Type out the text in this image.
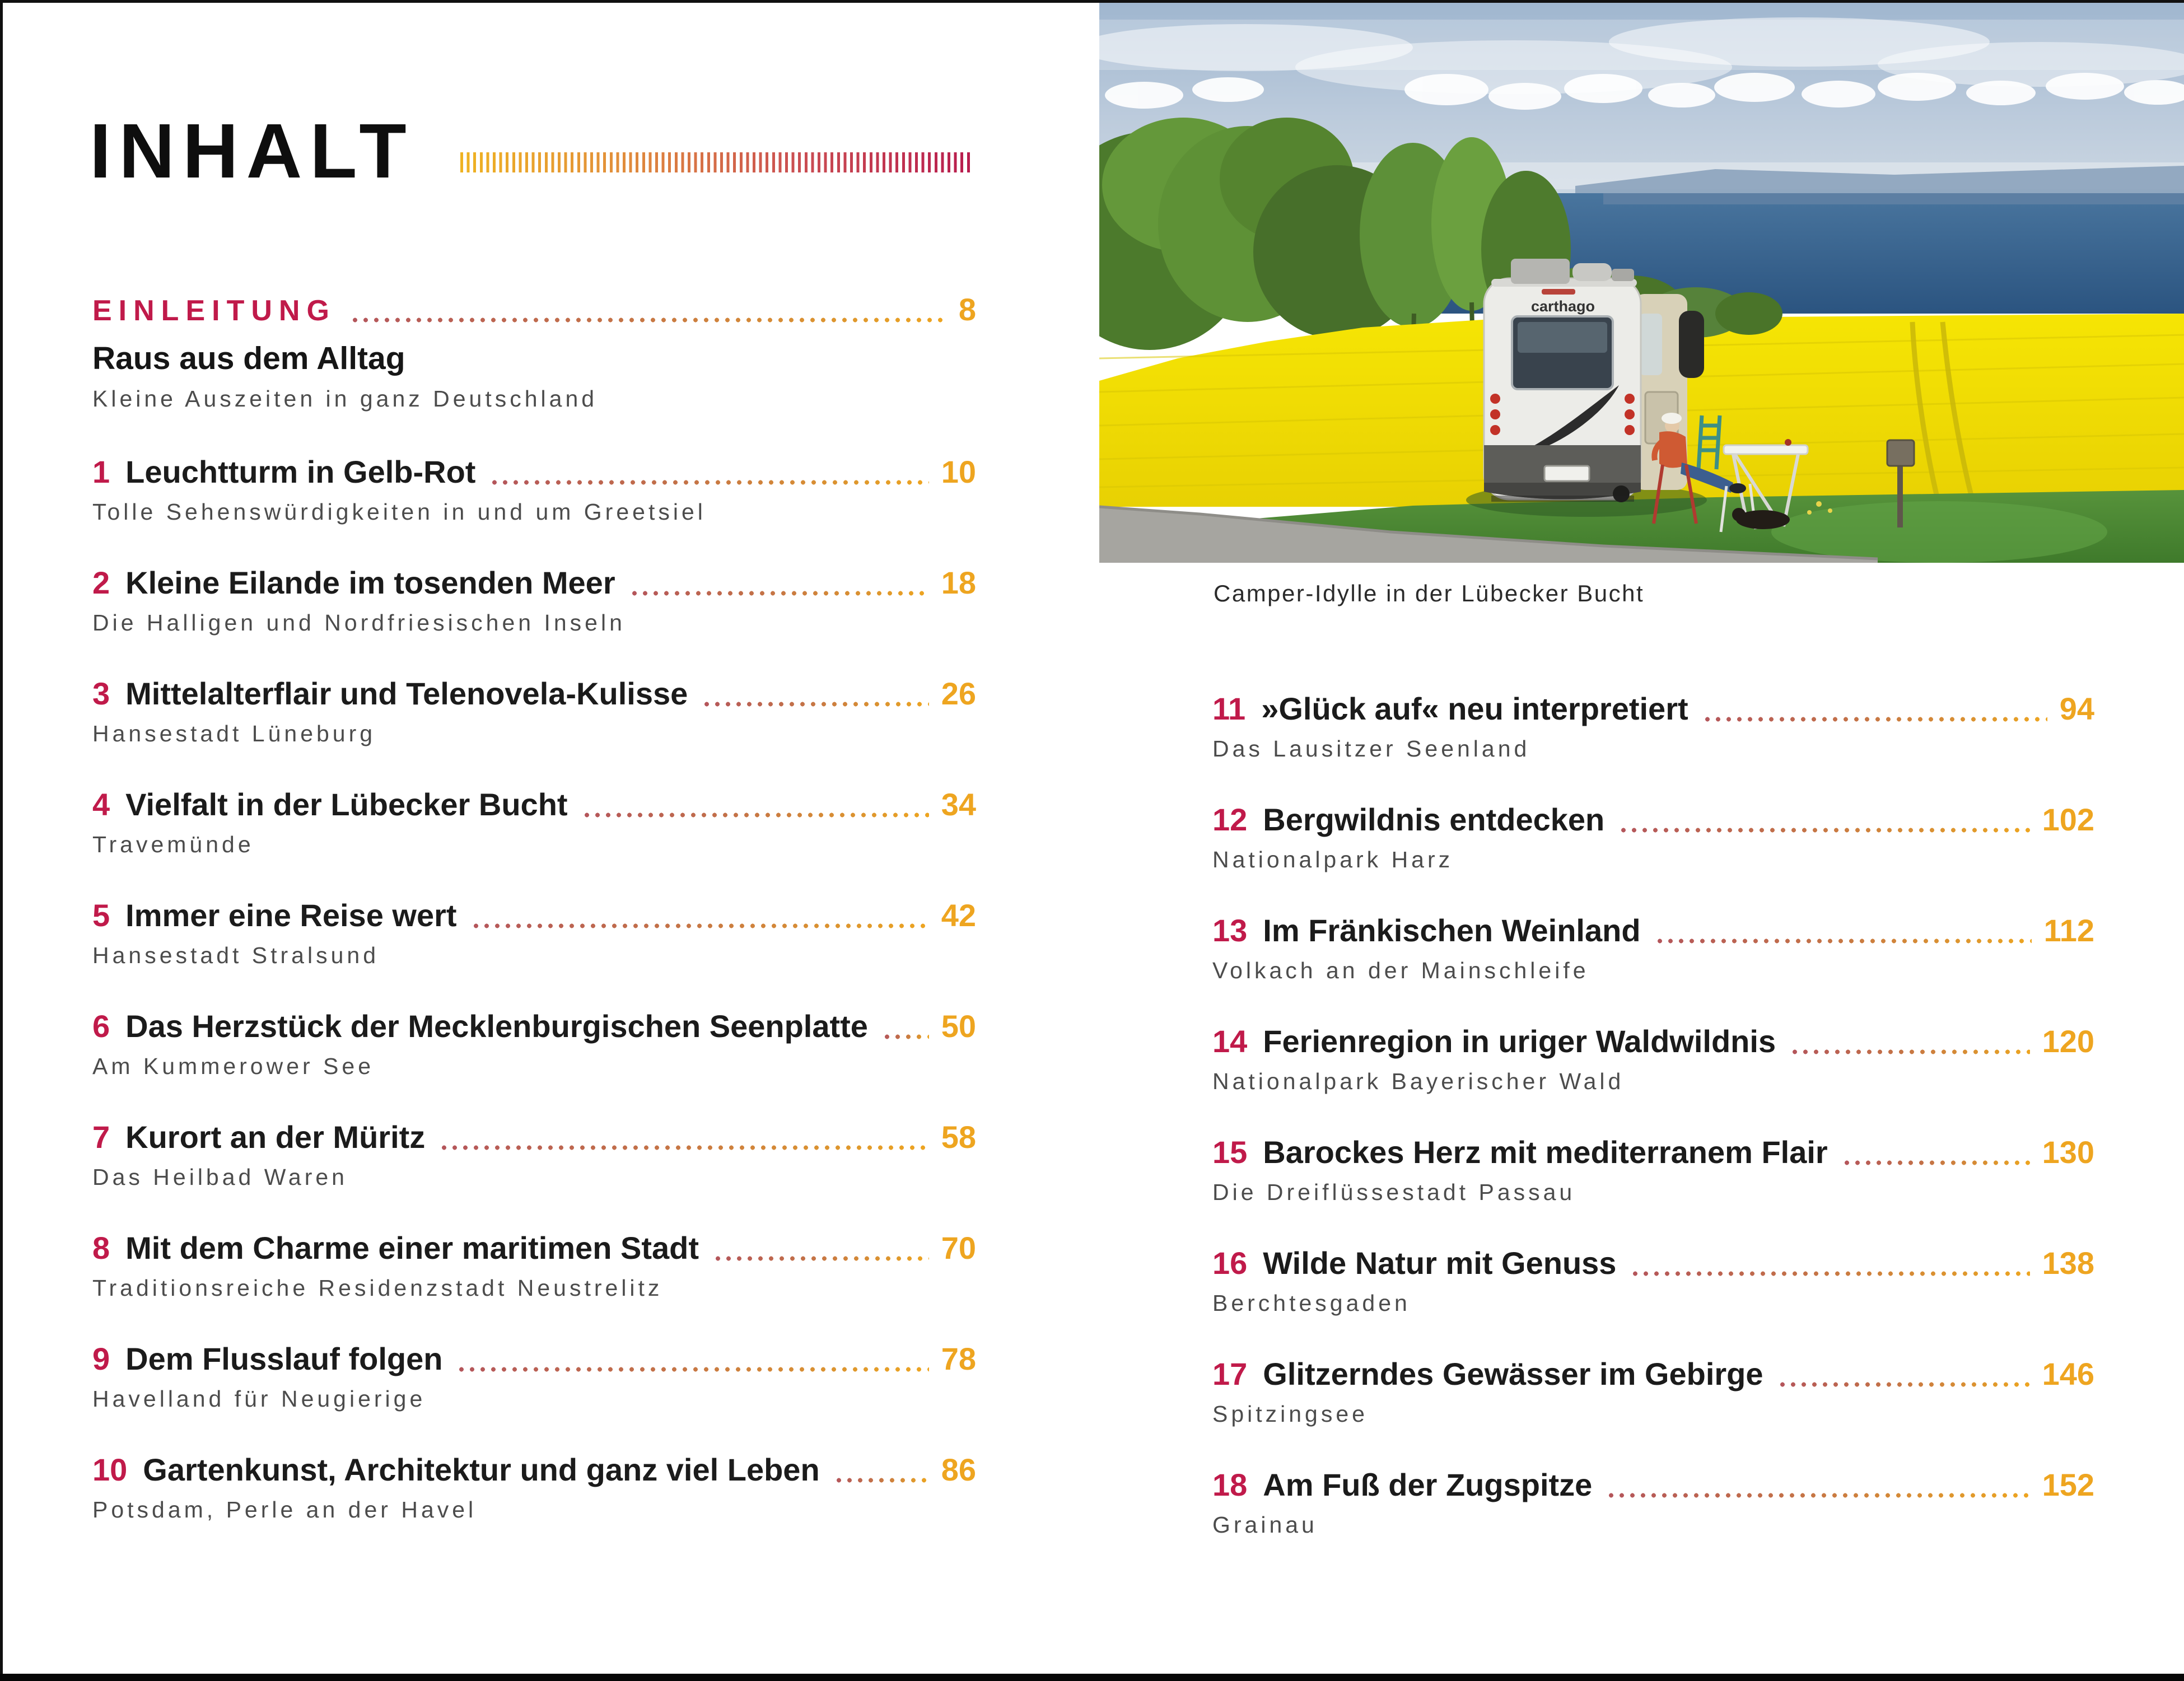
INHALT
carthago
Camper-Idylle in der Lübecker Bucht
EINLEITUNG	8
Raus aus dem Alltag
Kleine Auszeiten in ganz Deutschland
1 Leuchtturm in Gelb-Rot	10
Tolle Sehenswürdigkeiten in und um Greetsiel
2 Kleine Eilande im tosenden Meer	18
Die Halligen und Nordfriesischen Inseln
3 Mittelalterflair und Telenovela-Kulisse	26
Hansestadt Lüneburg
4 Vielfalt in der Lübecker Bucht	34
Travemünde
5 Immer eine Reise wert	42
Hansestadt Stralsund
6 Das Herzstück der Mecklenburgischen Seenplatte 50
Am Kummerower See
7 Kurort an der Müritz	58
Das Heilbad Waren
8 Mit dem Charme einer maritimen Stadt	70
Traditionsreiche Residenzstadt Neustrelitz
9 Dem Flusslauf folgen	78
Havelland für Neugierige
10 Gartenkunst, Architektur und ganz viel Leben	86
Potsdam, Perle an der Havel
11 »Glück auf« neu interpretiert	94
Das Lausitzer Seenland
12 Bergwildnis entdecken	102
Nationalpark Harz
13 Im Fränkischen Weinland	112
Volkach an der Mainschleife
14 Ferienregion in uriger Waldwildnis	120
Nationalpark Bayerischer Wald
15 Barockes Herz mit mediterranem Flair	130
Die Dreiflüssestadt Passau
16 Wilde Natur mit Genuss	138
Berchtesgaden
17 Glitzerndes Gewässer im Gebirge	146
Spitzingsee
18 Am Fuß der Zugspitze	152
Grainau
